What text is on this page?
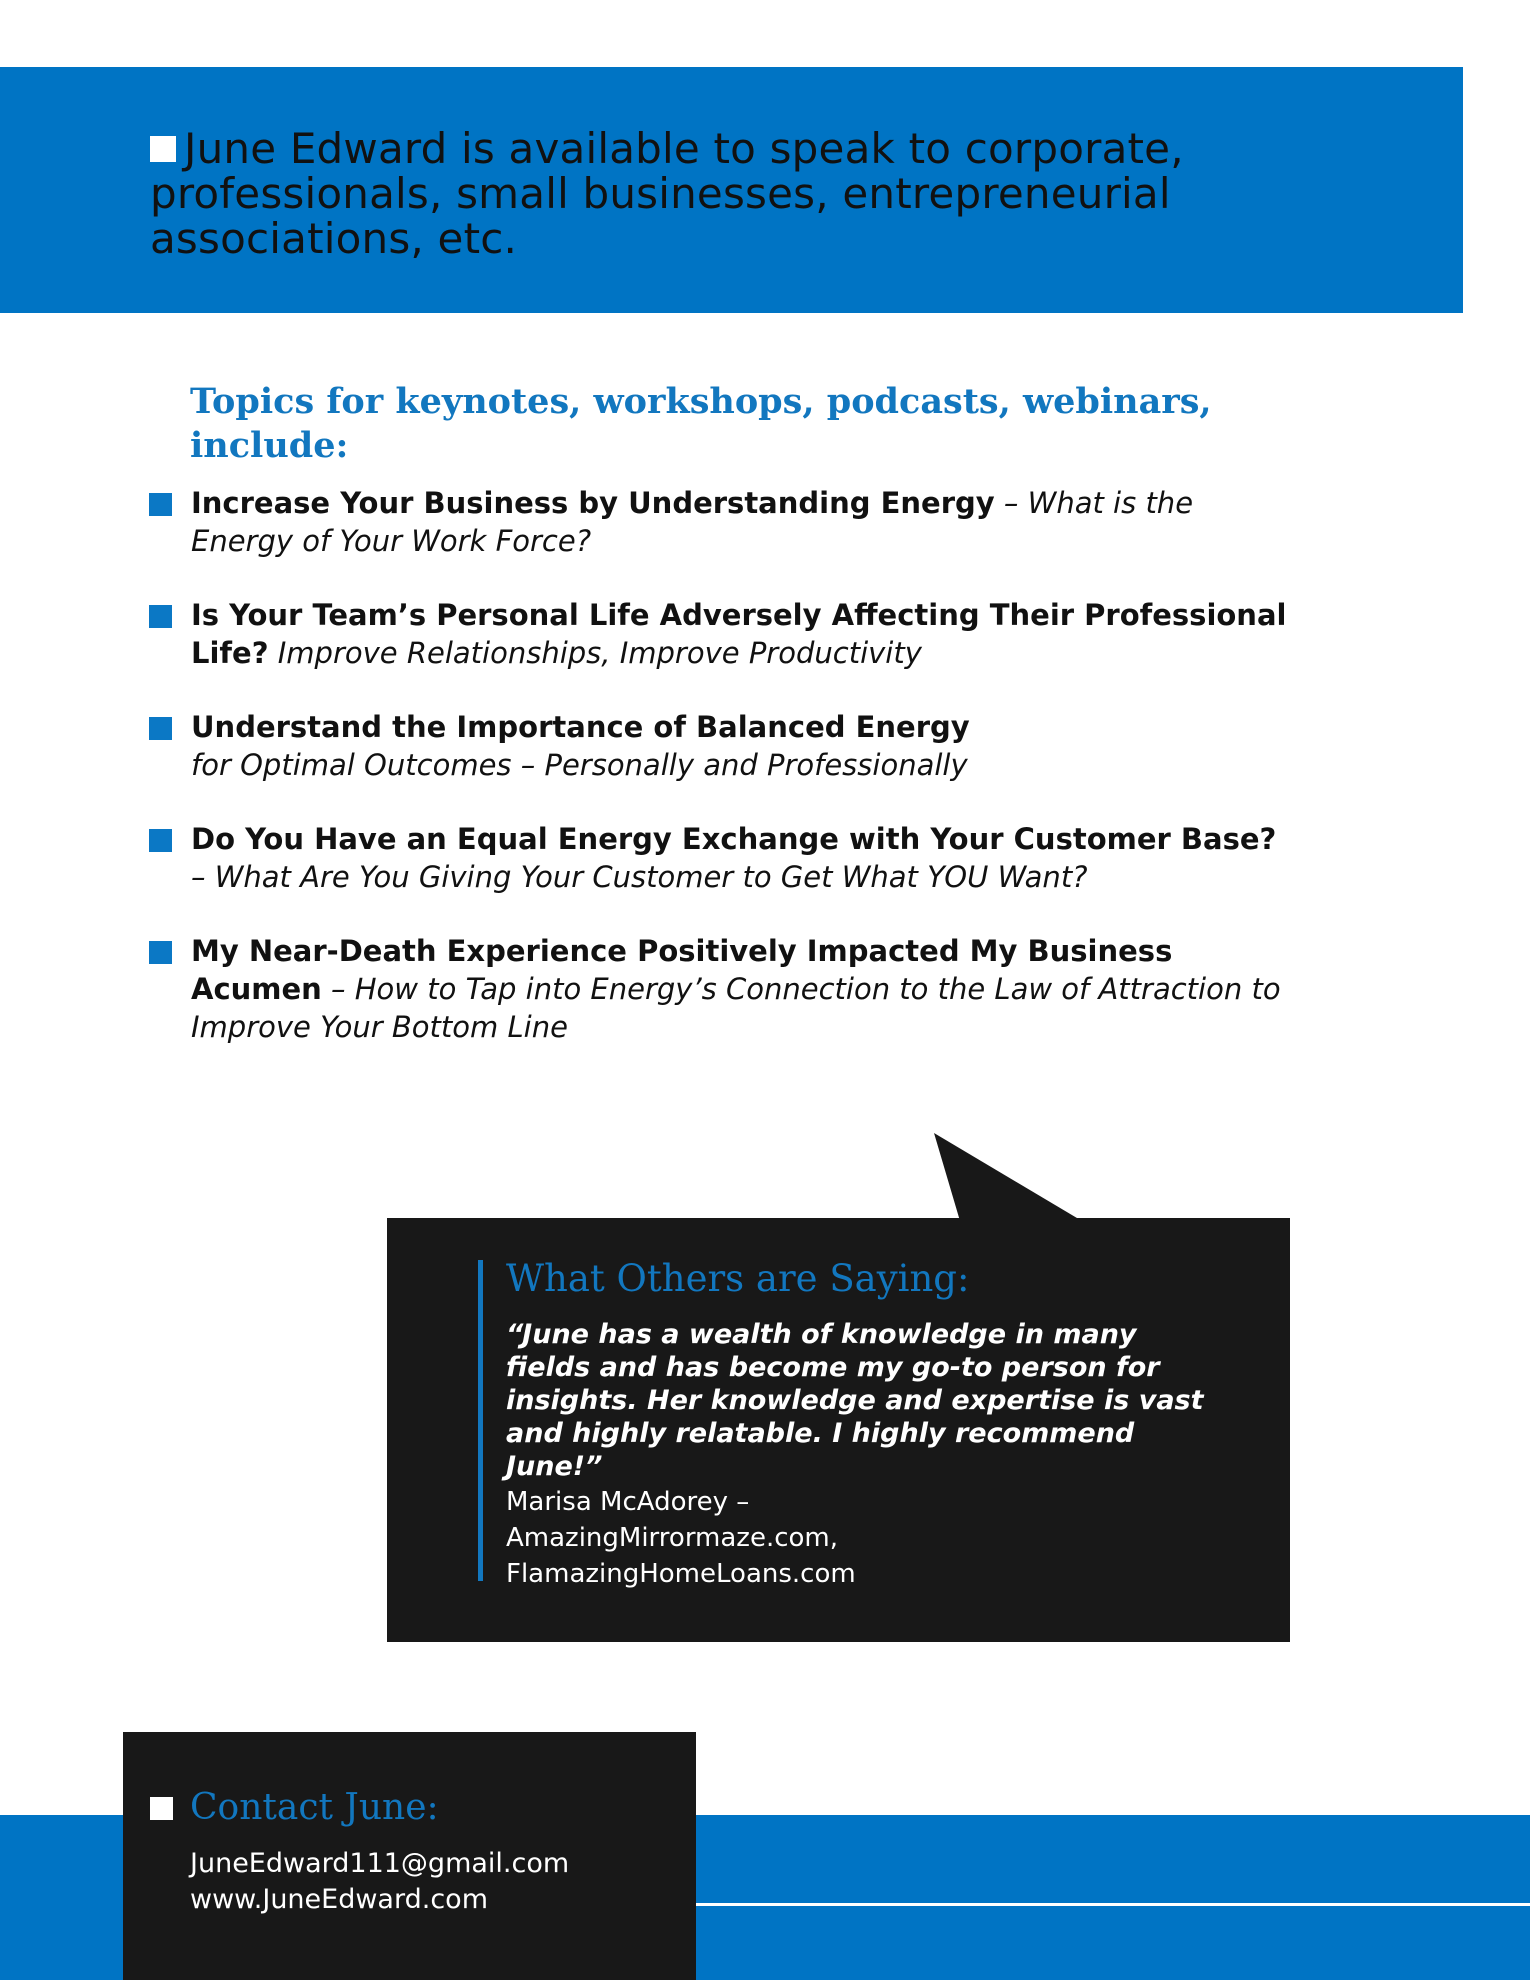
June Edward is available to speak to corporate, professionals, small businesses, entrepreneurial associations, etc.
Topics for keynotes, workshops, podcasts, webinars, include:
Increase Your Business by Understanding Energy – What is the Energy of Your Work Force?
Is Your Team’s Personal Life Adversely Affecting Their Professional Life? Improve Relationships, Improve Productivity
Understand the Importance of Balanced Energy
for Optimal Outcomes – Personally and Professionally
Do You Have an Equal Energy Exchange with Your Customer Base? – What Are You Giving Your Customer to Get What YOU Want?
My Near-Death Experience Positively Impacted My Business Acumen – How to Tap into Energy’s Connection to the Law of Attraction to Improve Your Bottom Line
What Others are Saying:
“June has a wealth of knowledge in many fields and has become my go-to person for insights. Her knowledge and expertise is vast and highly relatable. I highly recommend June!”
Marisa McAdorey –
AmazingMirrormaze.com,
FlamazingHomeLoans.com
Contact June:
JuneEdward111@gmail.com
www.JuneEdward.com
